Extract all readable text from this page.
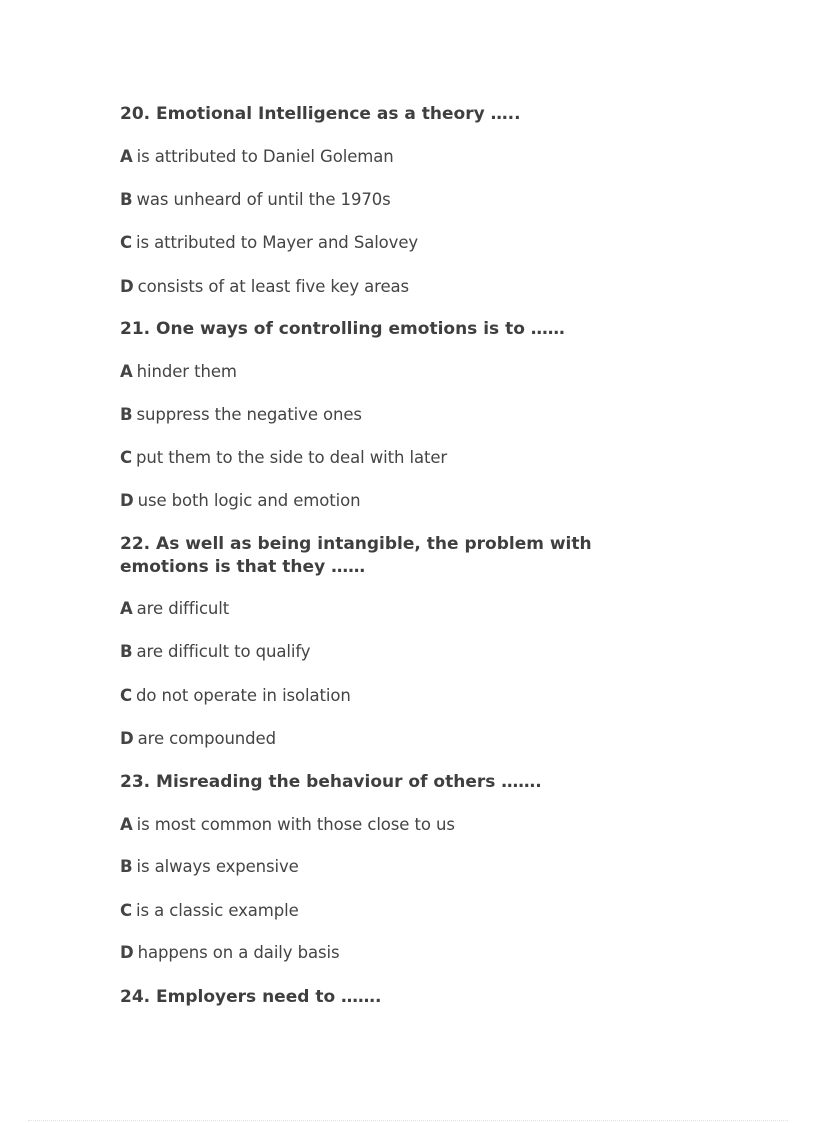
20. Emotional Intelligence as a theory …..
A is attributed to Daniel Goleman
B was unheard of until the 1970s
C is attributed to Mayer and Salovey
D consists of at least five key areas
21. One ways of controlling emotions is to ……
A hinder them
B suppress the negative ones
C put them to the side to deal with later
D use both logic and emotion
22. As well as being intangible, the problem with emotions is that they ……
A are difficult
B are difficult to qualify
C do not operate in isolation
D are compounded
23. Misreading the behaviour of others …….
A is most common with those close to us
B is always expensive
C is a classic example
D happens on a daily basis
24. Employers need to …….
